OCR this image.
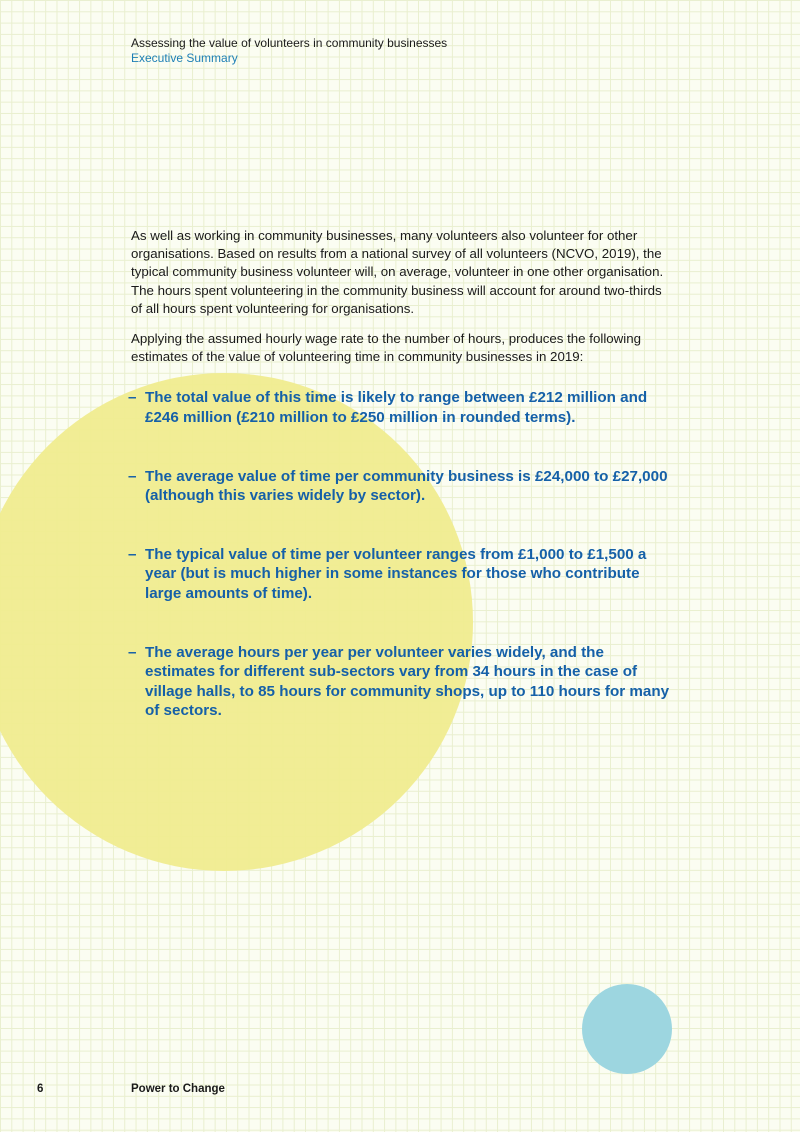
Assessing the value of volunteers in community businesses
Executive Summary

As well as working in community businesses, many volunteers also volunteer for other organisations. Based on results from a national survey of all volunteers (NCVO, 2019), the typical community business volunteer will, on average, volunteer in one other organisation. The hours spent volunteering in the community business will account for around two-thirds of all hours spent volunteering for organisations.

Applying the assumed hourly wage rate to the number of hours, produces the following estimates of the value of volunteering time in community businesses in 2019:

– The total value of this time is likely to range between £212 million and £246 million (£210 million to £250 million in rounded terms).
– The average value of time per community business is £24,000 to £27,000 (although this varies widely by sector).
– The typical value of time per volunteer ranges from £1,000 to £1,500 a year (but is much higher in some instances for those who contribute large amounts of time).
– The average hours per year per volunteer varies widely, and the estimates for different sub-sectors vary from 34 hours in the case of village halls, to 85 hours for community shops, up to 110 hours for many of sectors.
6	Power to Change
